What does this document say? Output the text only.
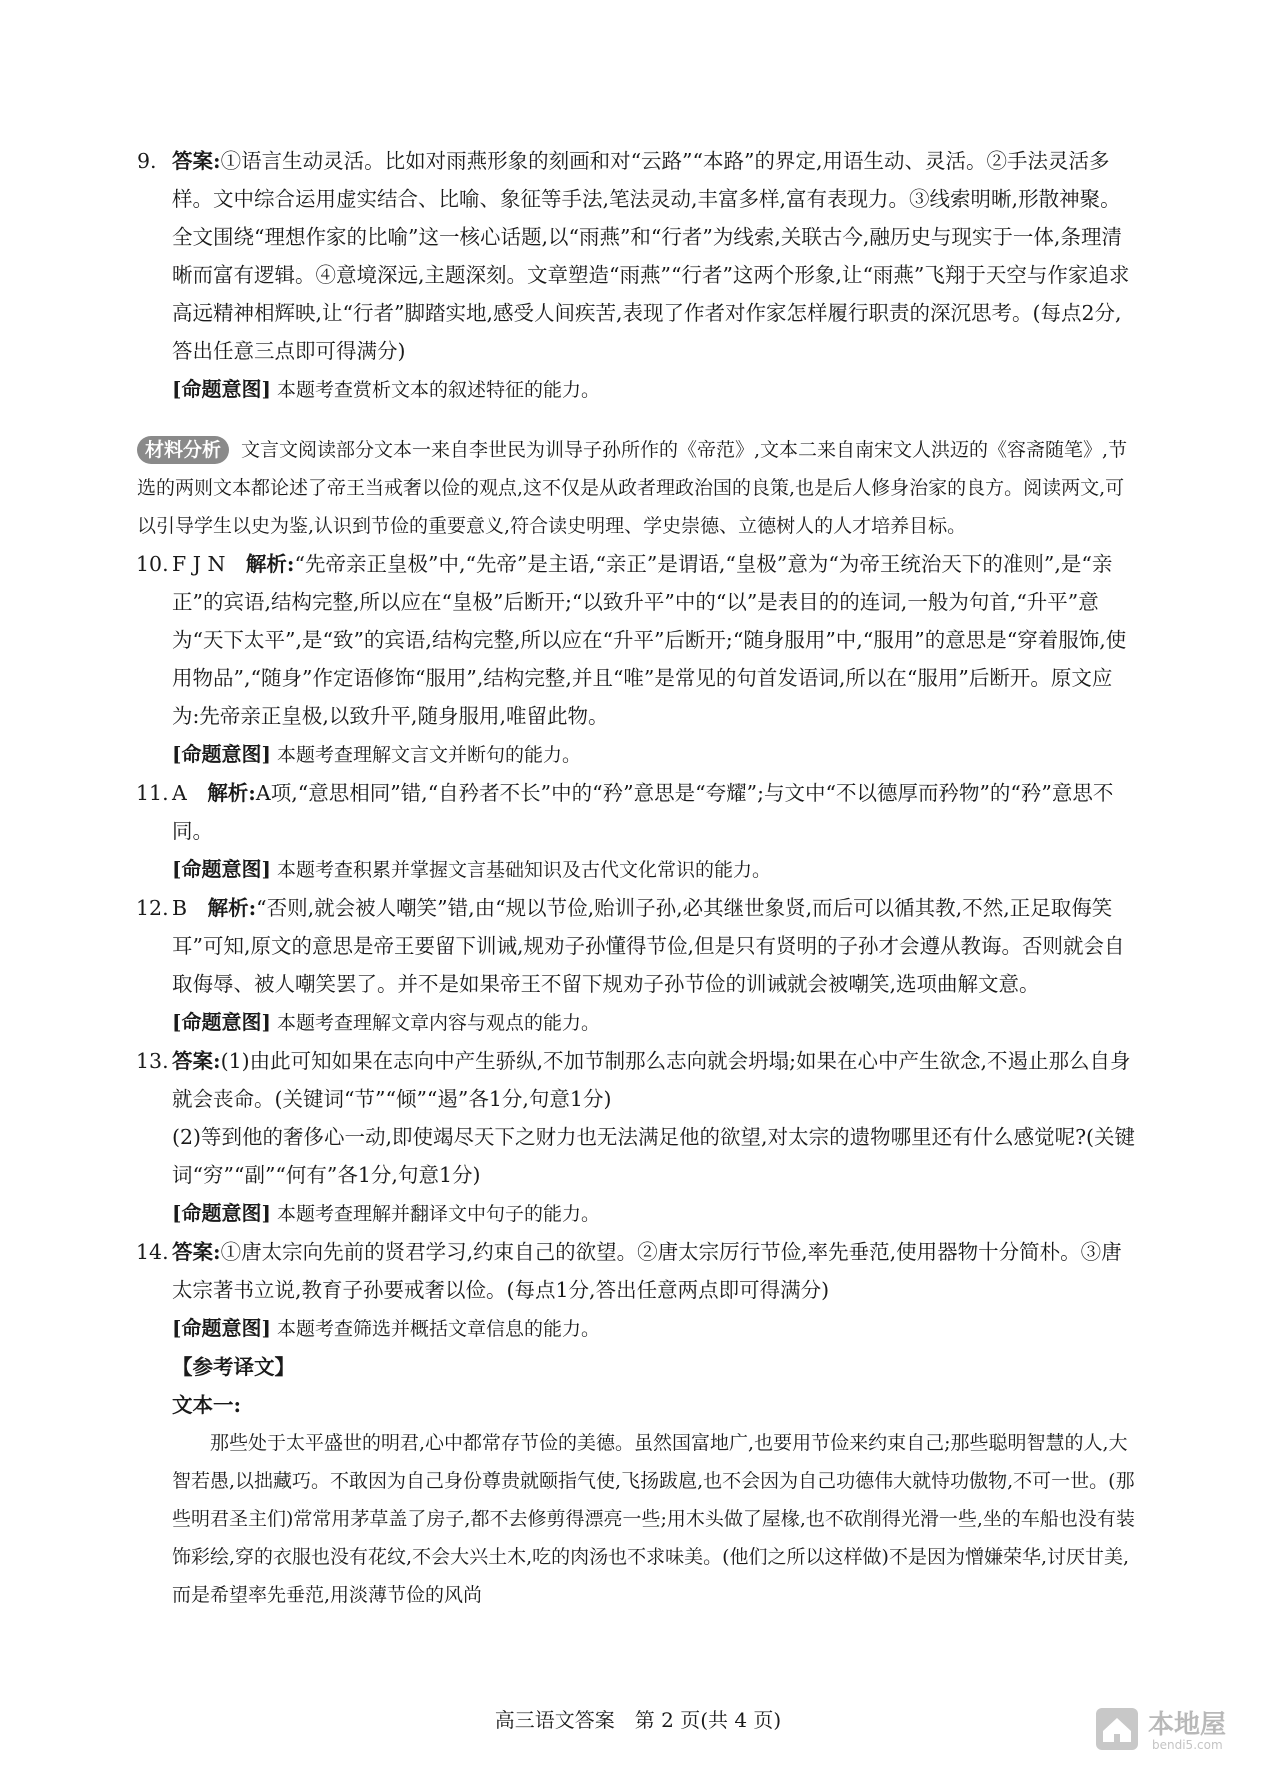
9. 答案:①语言生动灵活。比如对雨燕形象的刻画和对“云路”“本路”的界定,用语生动、灵活。②手法灵活多样。文中综合运用虚实结合、比喻、象征等手法,笔法灵动,丰富多样,富有表现力。③线索明晰,形散神聚。全文围绕“理想作家的比喻”这一核心话题,以“雨燕”和“行者”为线索,关联古今,融历史与现实于一体,条理清晰而富有逻辑。④意境深远,主题深刻。文章塑造“雨燕”“行者”这两个形象,让“雨燕”飞翔于天空与作家追求高远精神相辉映,让“行者”脚踏实地,感受人间疾苦,表现了作者对作家怎样履行职责的深沉思考。(每点2分,答出任意三点即可得满分)

[命题意图] 本题考查赏析文本的叙述特征的能力。
材料分析 文言文阅读部分文本一来自李世民为训导子孙所作的《帝范》,文本二来自南宋文人洪迈的《容斋随笔》,节选的两则文本都论述了帝王当戒奢以俭的观点,这不仅是从政者理政治国的良策,也是后人修身治家的良方。阅读两文,可以引导学生以史为鉴,认识到节俭的重要意义,符合读史明理、学史崇德、立德树人的人才培养目标。
10. F J N　 解析:“先帝亲正皇极”中,“先帝”是主语,“亲正”是谓语,“皇极”意为“为帝王统治天下的准则”,是“亲正”的宾语,结构完整,所以应在“皇极”后断开;“以致升平”中的“以”是表目的的连词,一般为句首,“升平”意为“天下太平”,是“致”的宾语,结构完整,所以应在“升平”后断开;“随身服用”中,“服用”的意思是“穿着服饰,使用物品”,“随身”作定语修饰“服用”,结构完整,并且“唯”是常见的句首发语词,所以在“服用”后断开。原文应为:先帝亲正皇极,以致升平,随身服用,唯留此物。

[命题意图] 本题考查理解文言文并断句的能力。
11. A　 解析:A项,“意思相同”错,“自矜者不长”中的“矜”意思是“夸耀”;与文中“不以德厚而矜物”的“矜”意思不同。

[命题意图] 本题考查积累并掌握文言基础知识及古代文化常识的能力。
12. B　 解析:“否则,就会被人嘲笑”错,由“规以节俭,贻训子孙,必其继世象贤,而后可以循其教,不然,正足取侮笑耳”可知,原文的意思是帝王要留下训诫,规劝子孙懂得节俭,但是只有贤明的子孙才会遵从教诲。否则就会自取侮辱、被人嘲笑罢了。并不是如果帝王不留下规劝子孙节俭的训诫就会被嘲笑,选项曲解文意。

[命题意图] 本题考查理解文章内容与观点的能力。
13. 答案:(1)由此可知如果在志向中产生骄纵,不加节制那么志向就会坍塌;如果在心中产生欲念,不遏止那么自身就会丧命。(关键词“节”“倾”“遏”各1分,句意1分)

(2)等到他的奢侈心一动,即使竭尽天下之财力也无法满足他的欲望,对太宗的遗物哪里还有什么感觉呢?(关键词“穷”“副”“何有”各1分,句意1分)

[命题意图] 本题考查理解并翻译文中句子的能力。
14. 答案:①唐太宗向先前的贤君学习,约束自己的欲望。②唐太宗厉行节俭,率先垂范,使用器物十分简朴。③唐太宗著书立说,教育子孙要戒奢以俭。(每点1分,答出任意两点即可得满分)

[命题意图] 本题考查筛选并概括文章信息的能力。
【参考译文】
文本一:
那些处于太平盛世的明君,心中都常存节俭的美德。虽然国富地广,也要用节俭来约束自己;那些聪明智慧的人,大智若愚,以拙藏巧。不敢因为自己身份尊贵就颐指气使,飞扬跋扈,也不会因为自己功德伟大就恃功傲物,不可一世。(那些明君圣主们)常常用茅草盖了房子,都不去修剪得漂亮一些;用木头做了屋椽,也不砍削得光滑一些,坐的车船也没有装饰彩绘,穿的衣服也没有花纹,不会大兴土木,吃的肉汤也不求味美。(他们之所以这样做)不是因为憎嫌荣华,讨厌甘美,而是希望率先垂范,用淡薄节俭的风尚
高三语文答案　第 2 页(共 4 页)	本地屋
bendi5.com
